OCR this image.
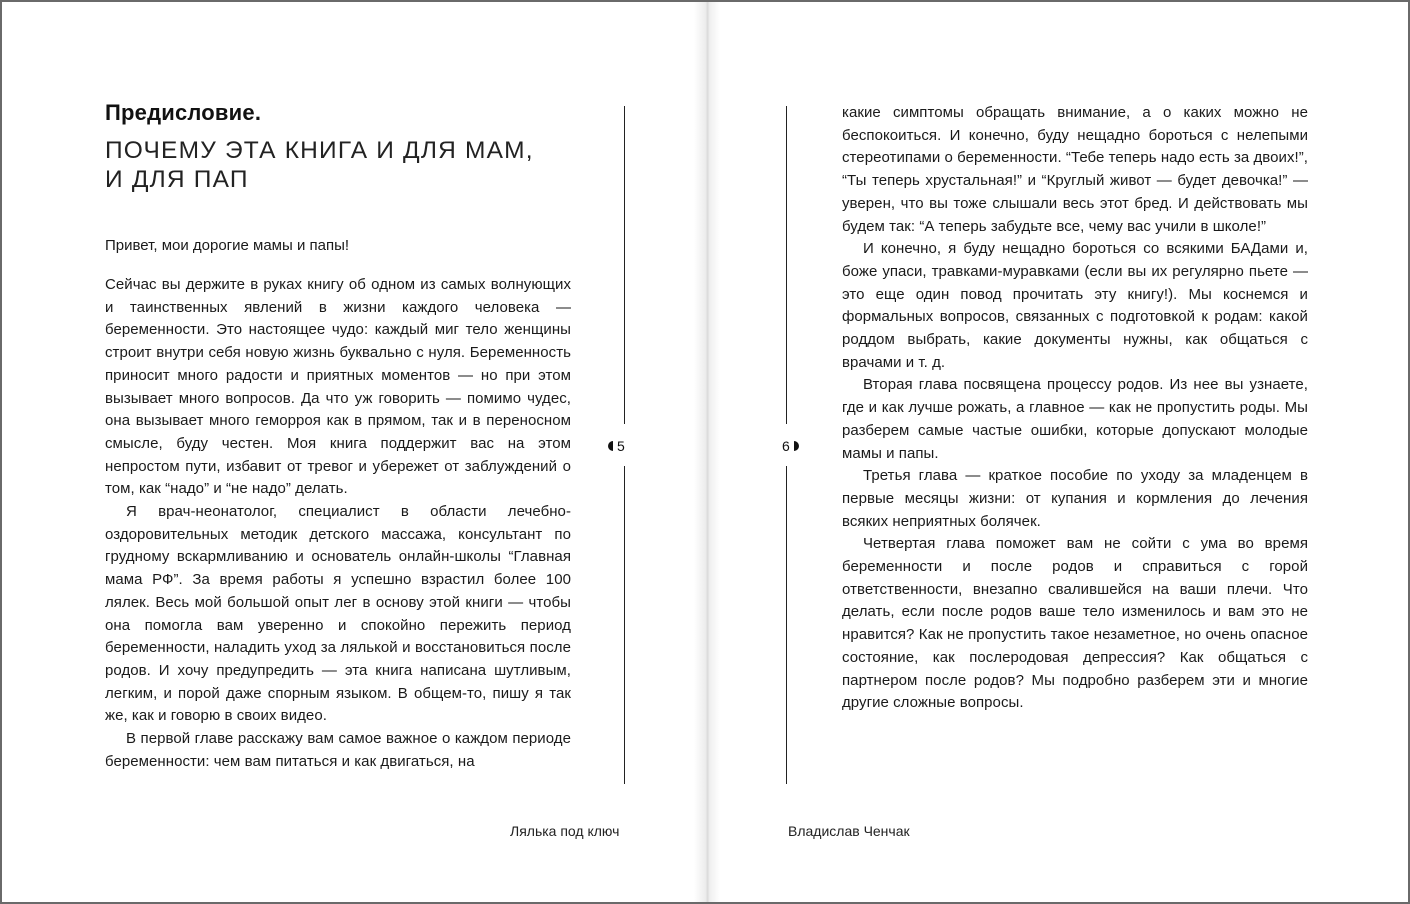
Предисловие.
ПОЧЕМУ ЭТА КНИГА И ДЛЯ МАМ,
И ДЛЯ ПАП
Привет, мои дорогие мамы и папы!

Сейчас вы держите в руках книгу об одном из самых волнующих и таинственных явлений в жизни каждого человека — беременности. Это настоящее чудо: каждый миг тело женщины строит внутри себя новую жизнь буквально с нуля. Беременность приносит много радости и приятных моментов — но при этом вызывает много вопросов. Да что уж говорить — помимо чудес, она вызывает много геморроя как в прямом, так и в переносном смысле, буду честен. Моя книга поддержит вас на этом непростом пути, избавит от тревог и убережет от заблуждений о том, как “надо” и “не надо” делать.

Я врач-неонатолог, специалист в области лечебно-оздоровительных методик детского массажа, консультант по грудному вскармливанию и основатель онлайн-школы “Главная мама РФ”. За время работы я успешно взрастил более 100 лялек. Весь мой большой опыт лег в основу этой книги — чтобы она помогла вам уверенно и спокойно пережить период беременности, наладить уход за лялькой и восстановиться после родов. И хочу предупредить — эта книга написана шутливым, легким, и порой даже спорным языком. В общем-то, пишу я так же, как и говорю в своих видео.

В первой главе расскажу вам самое важное о каждом периоде беременности: чем вам питаться и как двигаться, на

5
Лялька под ключ
6

какие симптомы обращать внимание, а о каких можно не беспокоиться. И конечно, буду нещадно бороться с нелепыми стереотипами о беременности. “Тебе теперь надо есть за двоих!”, “Ты теперь хрустальная!” и “Круглый живот — будет девочка!” — уверен, что вы тоже слышали весь этот бред. И действовать мы будем так: “А теперь забудьте все, чему вас учили в школе!”

И конечно, я буду нещадно бороться со всякими БАДами и, боже упаси, травками-муравками (если вы их регулярно пьете — это еще один повод прочитать эту книгу!). Мы коснемся и формальных вопросов, связанных с подготовкой к родам: какой роддом выбрать, какие документы нужны, как общаться с врачами и т. д.

Вторая глава посвящена процессу родов. Из нее вы узнаете, где и как лучше рожать, а главное — как не пропустить роды. Мы разберем самые частые ошибки, которые допускают молодые мамы и папы.

Третья глава — краткое пособие по уходу за младенцем в первые месяцы жизни: от купания и кормления до лечения всяких неприятных болячек.

Четвертая глава поможет вам не сойти с ума во время беременности и после родов и справиться с горой ответственности, внезапно свалившейся на ваши плечи. Что делать, если после родов ваше тело изменилось и вам это не нравится? Как не пропустить такое незаметное, но очень опасное состояние, как послеродовая депрессия? Как общаться с партнером после родов? Мы подробно разберем эти и многие другие сложные вопросы.

Владислав Ченчак
